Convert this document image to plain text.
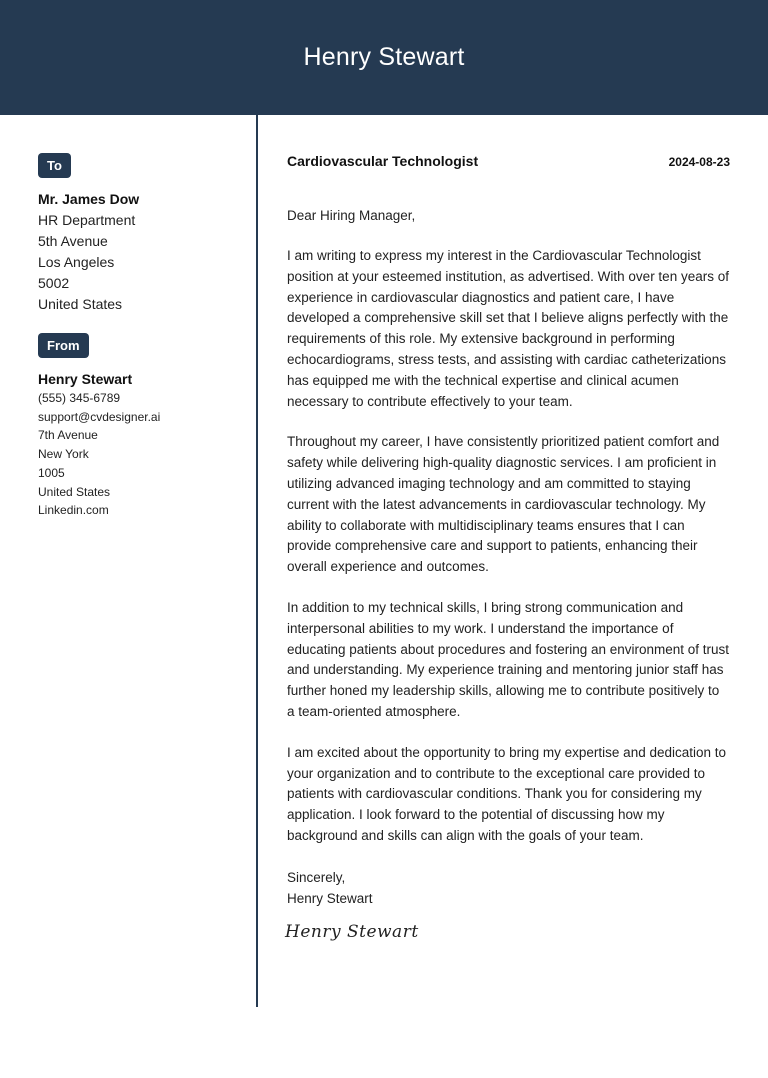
Henry Stewart
To
Mr. James Dow
HR Department
5th Avenue
Los Angeles
5002
United States
From
Henry Stewart
(555) 345-6789
support@cvdesigner.ai
7th Avenue
New York
1005
United States
Linkedin.com
Cardiovascular Technologist	2024-08-23
Dear Hiring Manager,
I am writing to express my interest in the Cardiovascular Technologist position at your esteemed institution, as advertised. With over ten years of experience in cardiovascular diagnostics and patient care, I have developed a comprehensive skill set that I believe aligns perfectly with the requirements of this role. My extensive background in performing echocardiograms, stress tests, and assisting with cardiac catheterizations has equipped me with the technical expertise and clinical acumen necessary to contribute effectively to your team.
Throughout my career, I have consistently prioritized patient comfort and safety while delivering high-quality diagnostic services. I am proficient in utilizing advanced imaging technology and am committed to staying current with the latest advancements in cardiovascular technology. My ability to collaborate with multidisciplinary teams ensures that I can provide comprehensive care and support to patients, enhancing their overall experience and outcomes.
In addition to my technical skills, I bring strong communication and interpersonal abilities to my work. I understand the importance of educating patients about procedures and fostering an environment of trust and understanding. My experience training and mentoring junior staff has further honed my leadership skills, allowing me to contribute positively to a team-oriented atmosphere.
I am excited about the opportunity to bring my expertise and dedication to your organization and to contribute to the exceptional care provided to patients with cardiovascular conditions. Thank you for considering my application. I look forward to the potential of discussing how my background and skills can align with the goals of your team.
Sincerely,
Henry Stewart
Henry Stewart
